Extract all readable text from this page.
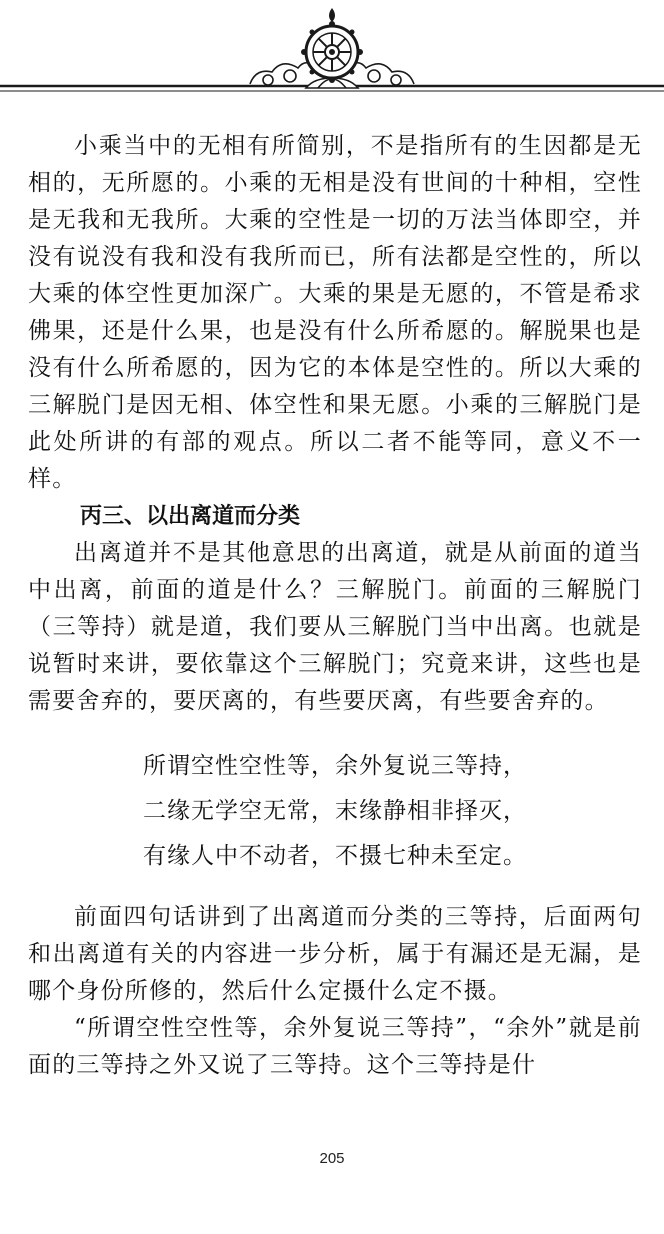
小乘当中的无相有所简别，不是指所有的生因都是无相的，无所愿的。小乘的无相是没有世间的十种相，空性是无我和无我所。大乘的空性是一切的万法当体即空，并没有说没有我和没有我所而已，所有法都是空性的，所以大乘的体空性更加深广。大乘的果是无愿的，不管是希求佛果，还是什么果，也是没有什么所希愿的。解脱果也是没有什么所希愿的，因为它的本体是空性的。所以大乘的三解脱门是因无相、体空性和果无愿。小乘的三解脱门是此处所讲的有部的观点。所以二者不能等同，意义不一样。

丙三、以出离道而分类

出离道并不是其他意思的出离道，就是从前面的道当中出离，前面的道是什么？三解脱门。前面的三解脱门（三等持）就是道，我们要从三解脱门当中出离。也就是说暂时来讲，要依靠这个三解脱门；究竟来讲，这些也是需要舍弃的，要厌离的，有些要厌离，有些要舍弃的。

所谓空性空性等，余外复说三等持，

二缘无学空无常，末缘静相非择灭，

有缘人中不动者，不摄七种未至定。

前面四句话讲到了出离道而分类的三等持，后面两句和出离道有关的内容进一步分析，属于有漏还是无漏，是哪个身份所修的，然后什么定摄什么定不摄。

“所谓空性空性等，余外复说三等持”，“余外”就是前面的三等持之外又说了三等持。这个三等持是什

205
